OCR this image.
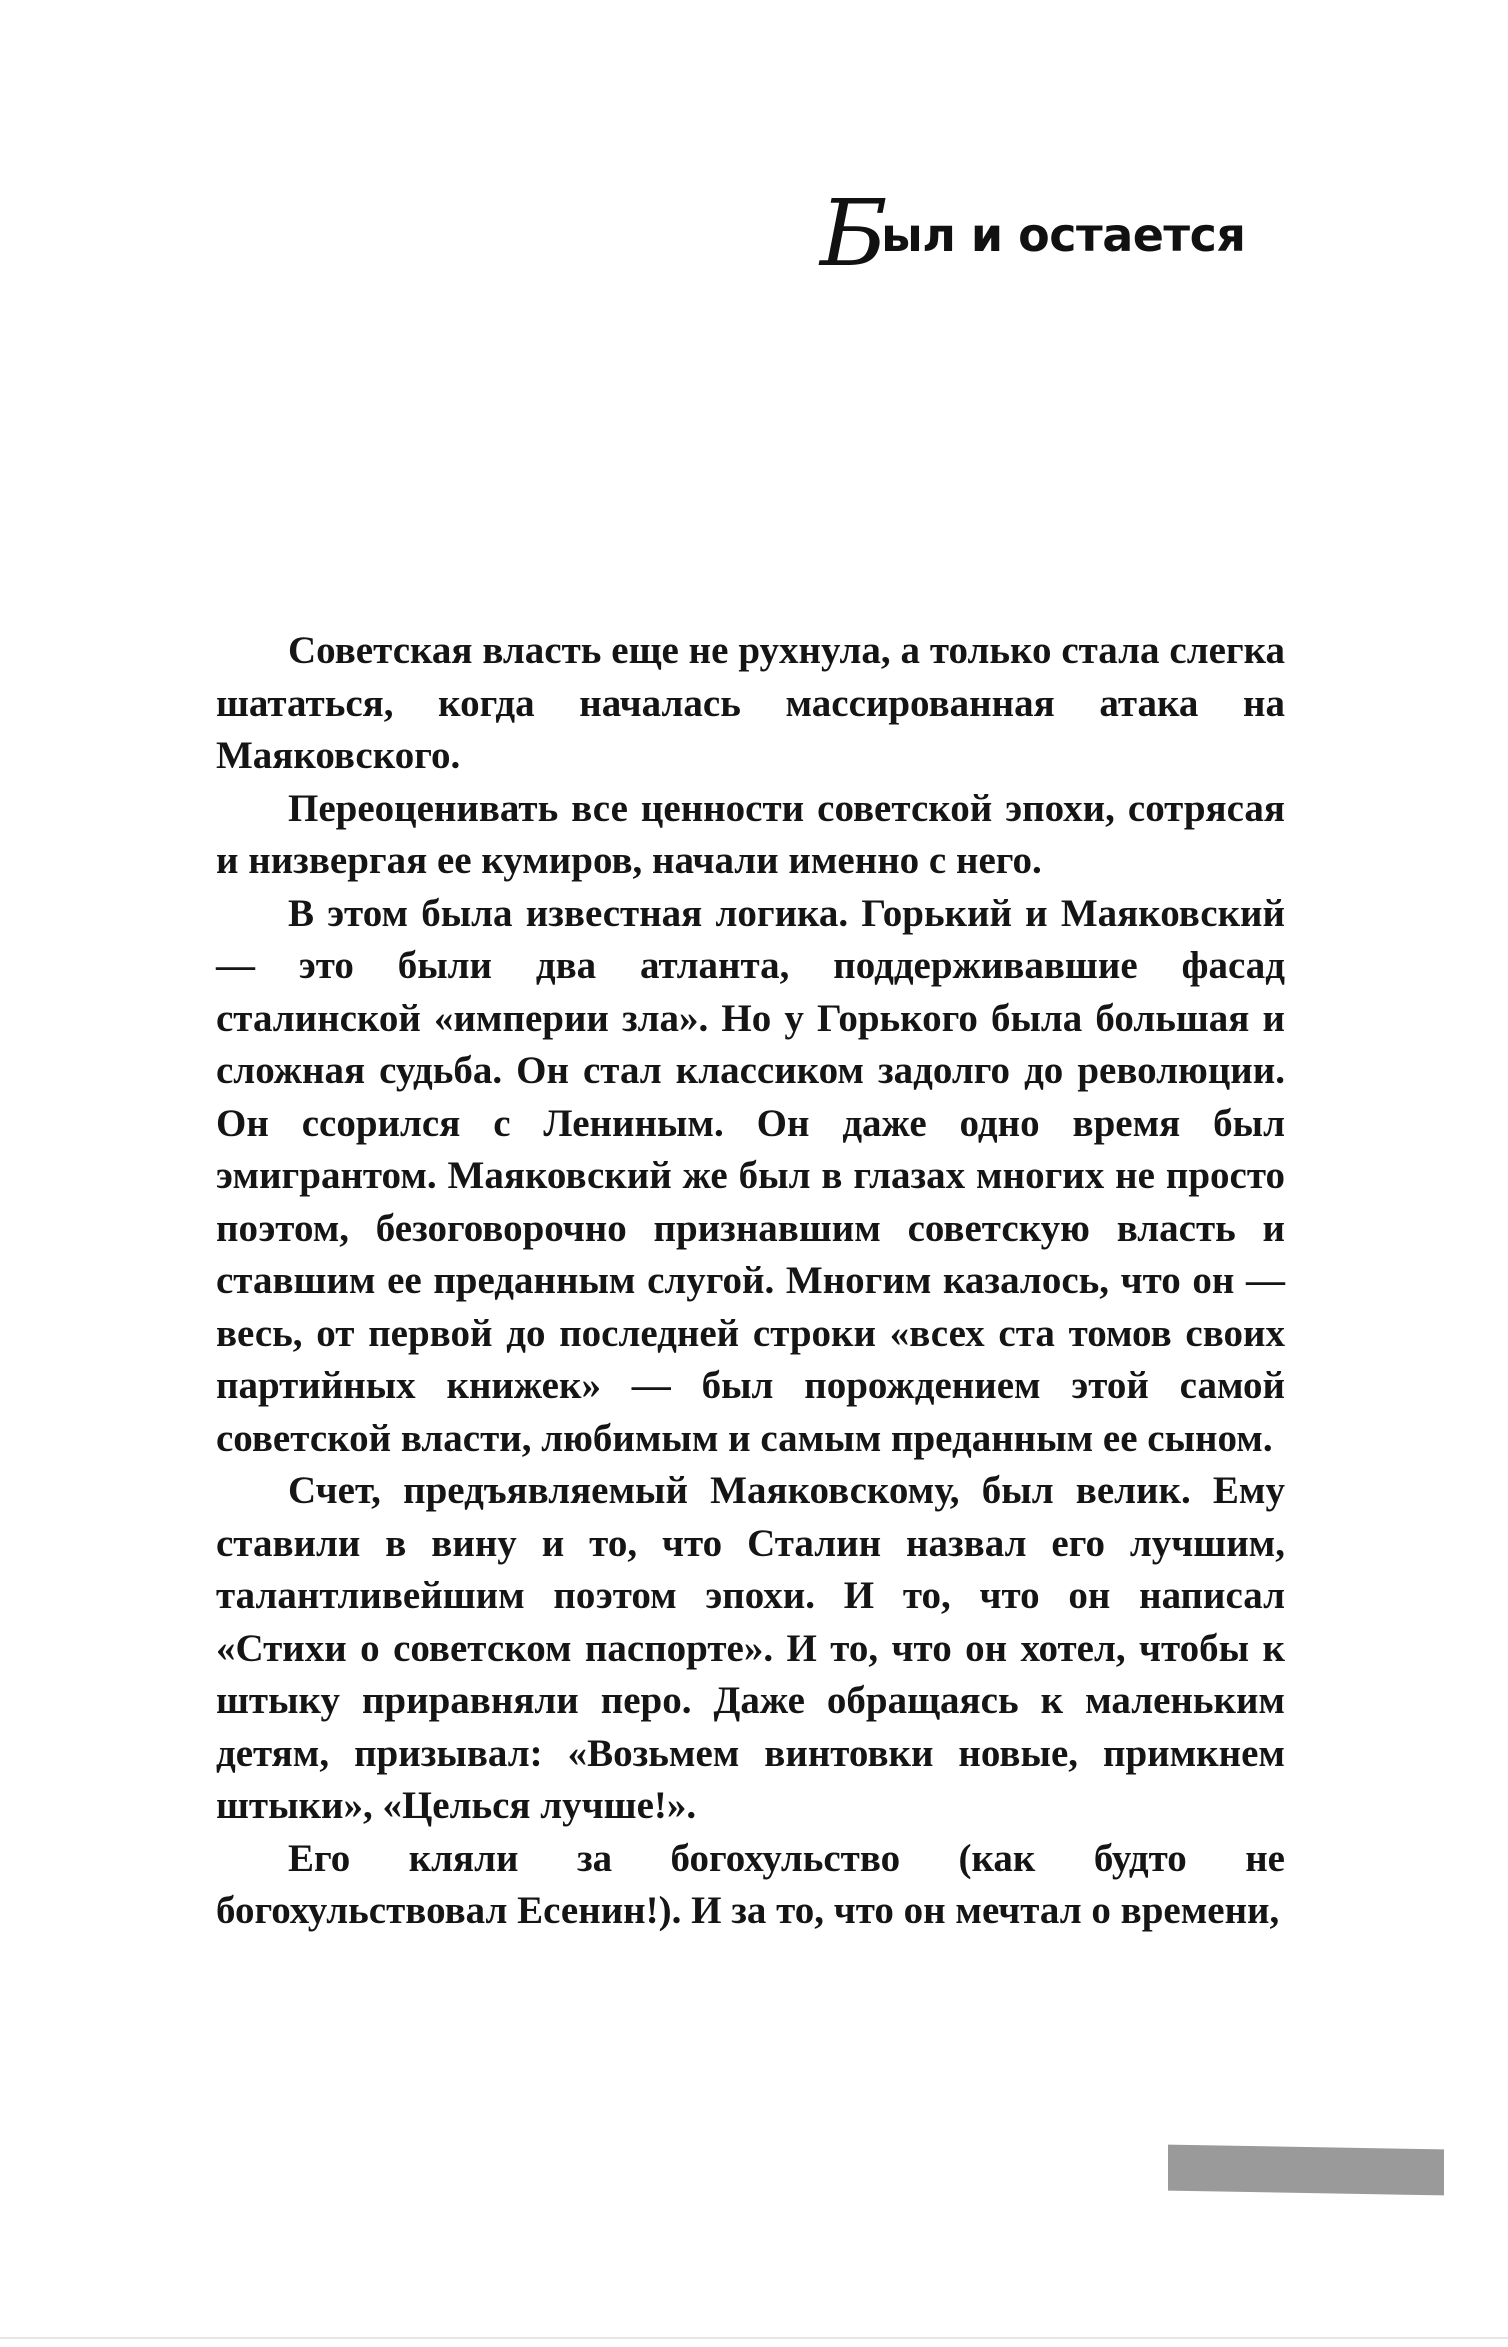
Был и остается

Советская власть еще не рухнула, а только стала слегка шататься, когда началась массированная атака на Маяковского.

Переоценивать все ценности советской эпохи, сотрясая и низвергая ее кумиров, начали именно с него.

В этом была известная логика. Горький и Маяковский — это были два атланта, поддерживавшие фасад сталинской «империи зла». Но у Горького была большая и сложная судьба. Он стал классиком задолго до революции. Он ссорился с Лениным. Он даже одно время был эмигрантом. Маяковский же был в глазах многих не просто поэтом, безоговорочно признавшим советскую власть и ставшим ее преданным слугой. Многим казалось, что он — весь, от первой до последней строки «всех ста томов своих партийных книжек» — был порождением этой самой советской власти, любимым и самым преданным ее сыном.

Счет, предъявляемый Маяковскому, был велик. Ему ставили в вину и то, что Сталин назвал его лучшим, талантливейшим поэтом эпохи. И то, что он написал «Стихи о советском паспорте». И то, что он хотел, чтобы к штыку приравняли перо. Даже обращаясь к маленьким детям, призывал: «Возьмем винтовки новые, примкнем штыки», «Целься лучше!».

Его кляли за богохульство (как будто не богохульствовал Есенин!). И за то, что он мечтал о времени,
